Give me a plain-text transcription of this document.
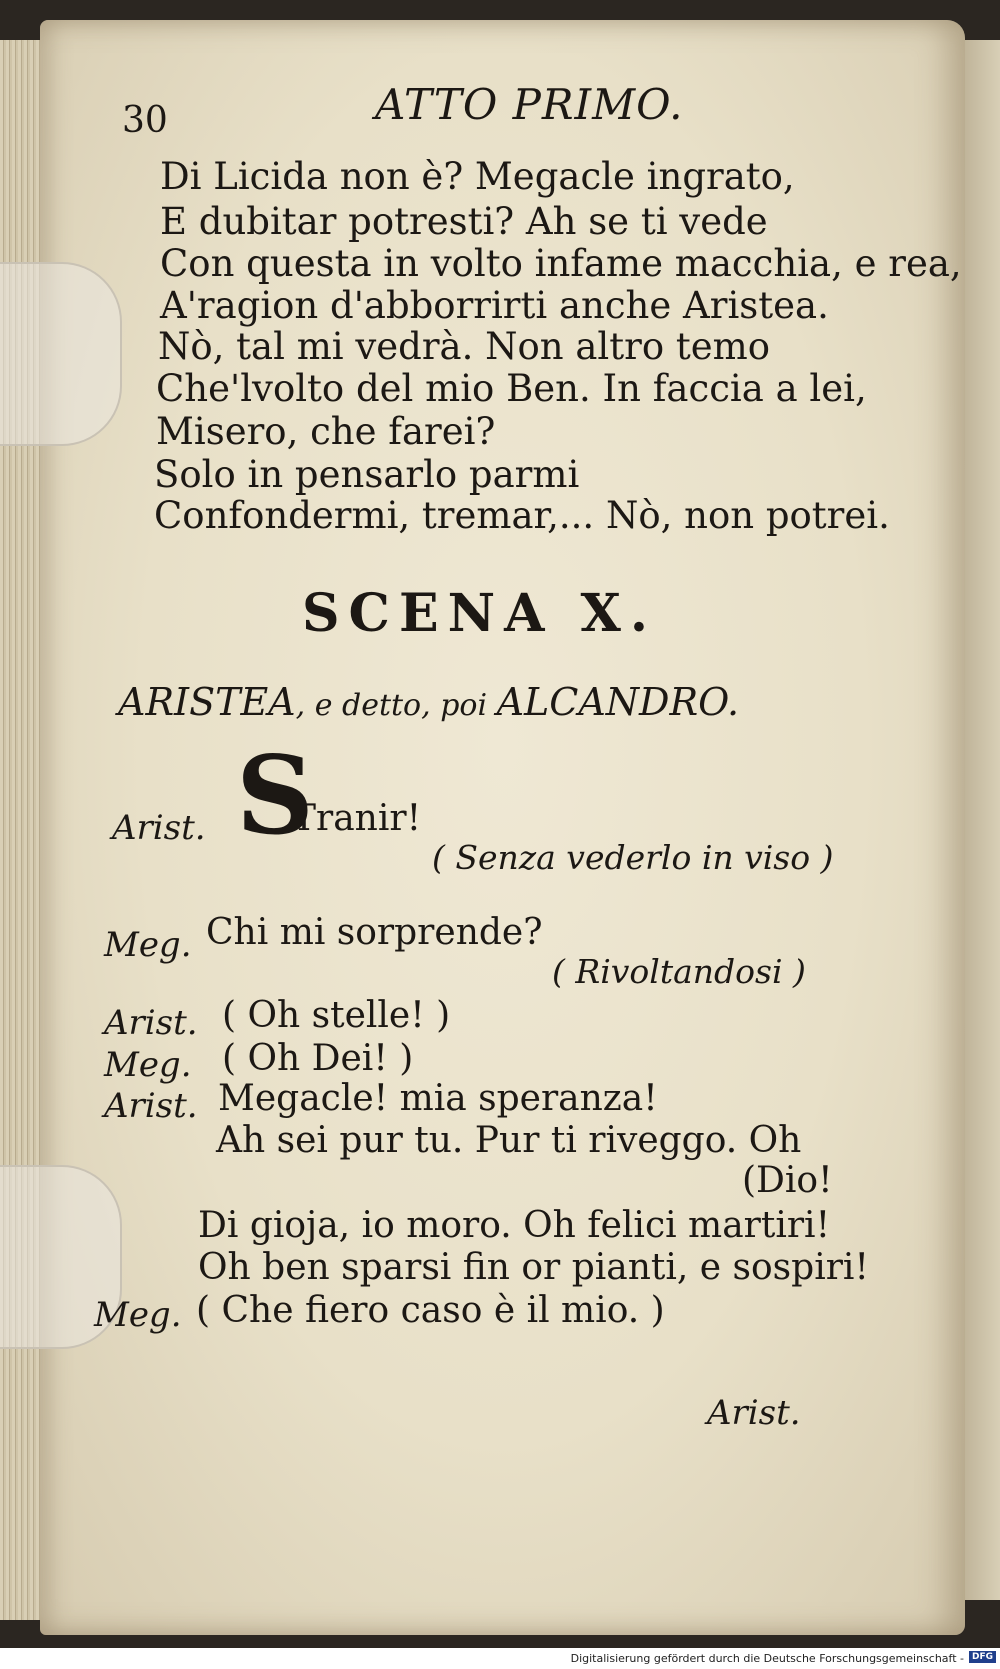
30	ATTO PRIMO.
Di Licida non è? Megacle ingrato,
E dubitar potresti? Ah se ti vede
Con questa in volto infame macchia, e rea,
A'ragion d'abborrirti anche Aristea.
Nò, tal mi vedrà. Non altro temo
Che'lvolto del mio Ben. In faccia a lei,
Misero, che farei?
Solo in pensarlo parmi
Confondermi, tremar,... Nò, non potrei.
SCENA X.
ARISTEA, e detto, poi ALCANDRO.
Arist. S
Tranir!
( Senza vederlo in viso )
Meg. Chi mi sorprende?
( Rivoltandosi )
Arist. ( Oh stelle! )
Meg. ( Oh Dei! )
Arist. Megacle! mia speranza!
Ah sei pur tu. Pur ti riveggo. Oh
(Dio!
Di gioja, io moro. Oh felici martiri!
Oh ben sparsi fin or pianti, e sospiri!
Meg. ( Che fiero caso è il mio. )
Arist.
Digitalisierung gefördert durch die Deutsche Forschungsgemeinschaft - DFG
